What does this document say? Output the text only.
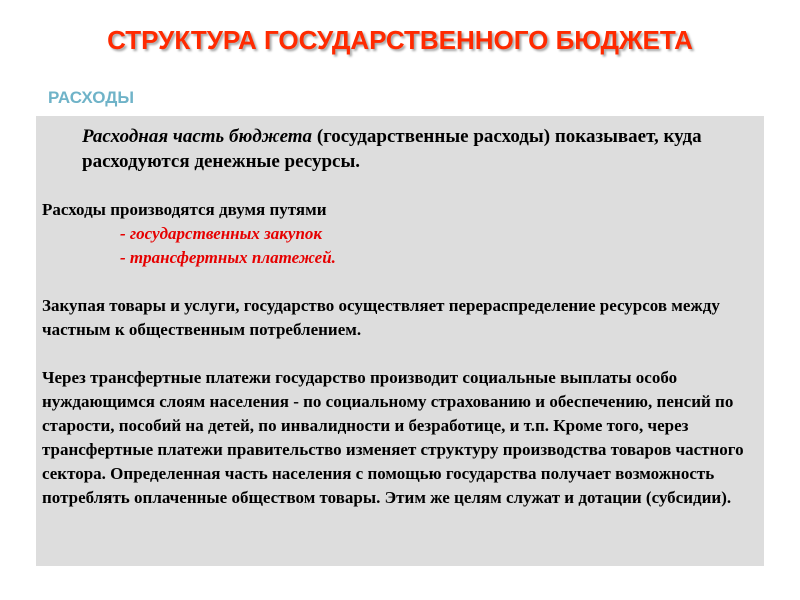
СТРУКТУРА ГОСУДАРСТВЕННОГО БЮДЖЕТА
РАСХОДЫ

Расходная часть бюджета (государственные расходы) показывает, куда расходуются денежные ресурсы.

Расходы производятся двумя путями

- государственных закупок

- трансфертных платежей.

Закупая товары и услуги, государство осуществляет перераспределение ресурсов между

частным к общественным потреблением.

Через трансфертные платежи государство производит социальные выплаты особо нуждающимся слоям населения - по социальному страхованию и обеспечению, пенсий по старости, пособий на детей, по инвалидности и безработице, и т.п. Кроме того, через трансфертные платежи правительство изменяет структуру производства товаров частного сектора. Определенная часть населения с помощью государства получает возможность потреблять оплаченные обществом товары. Этим же целям служат и дотации (субсидии).
